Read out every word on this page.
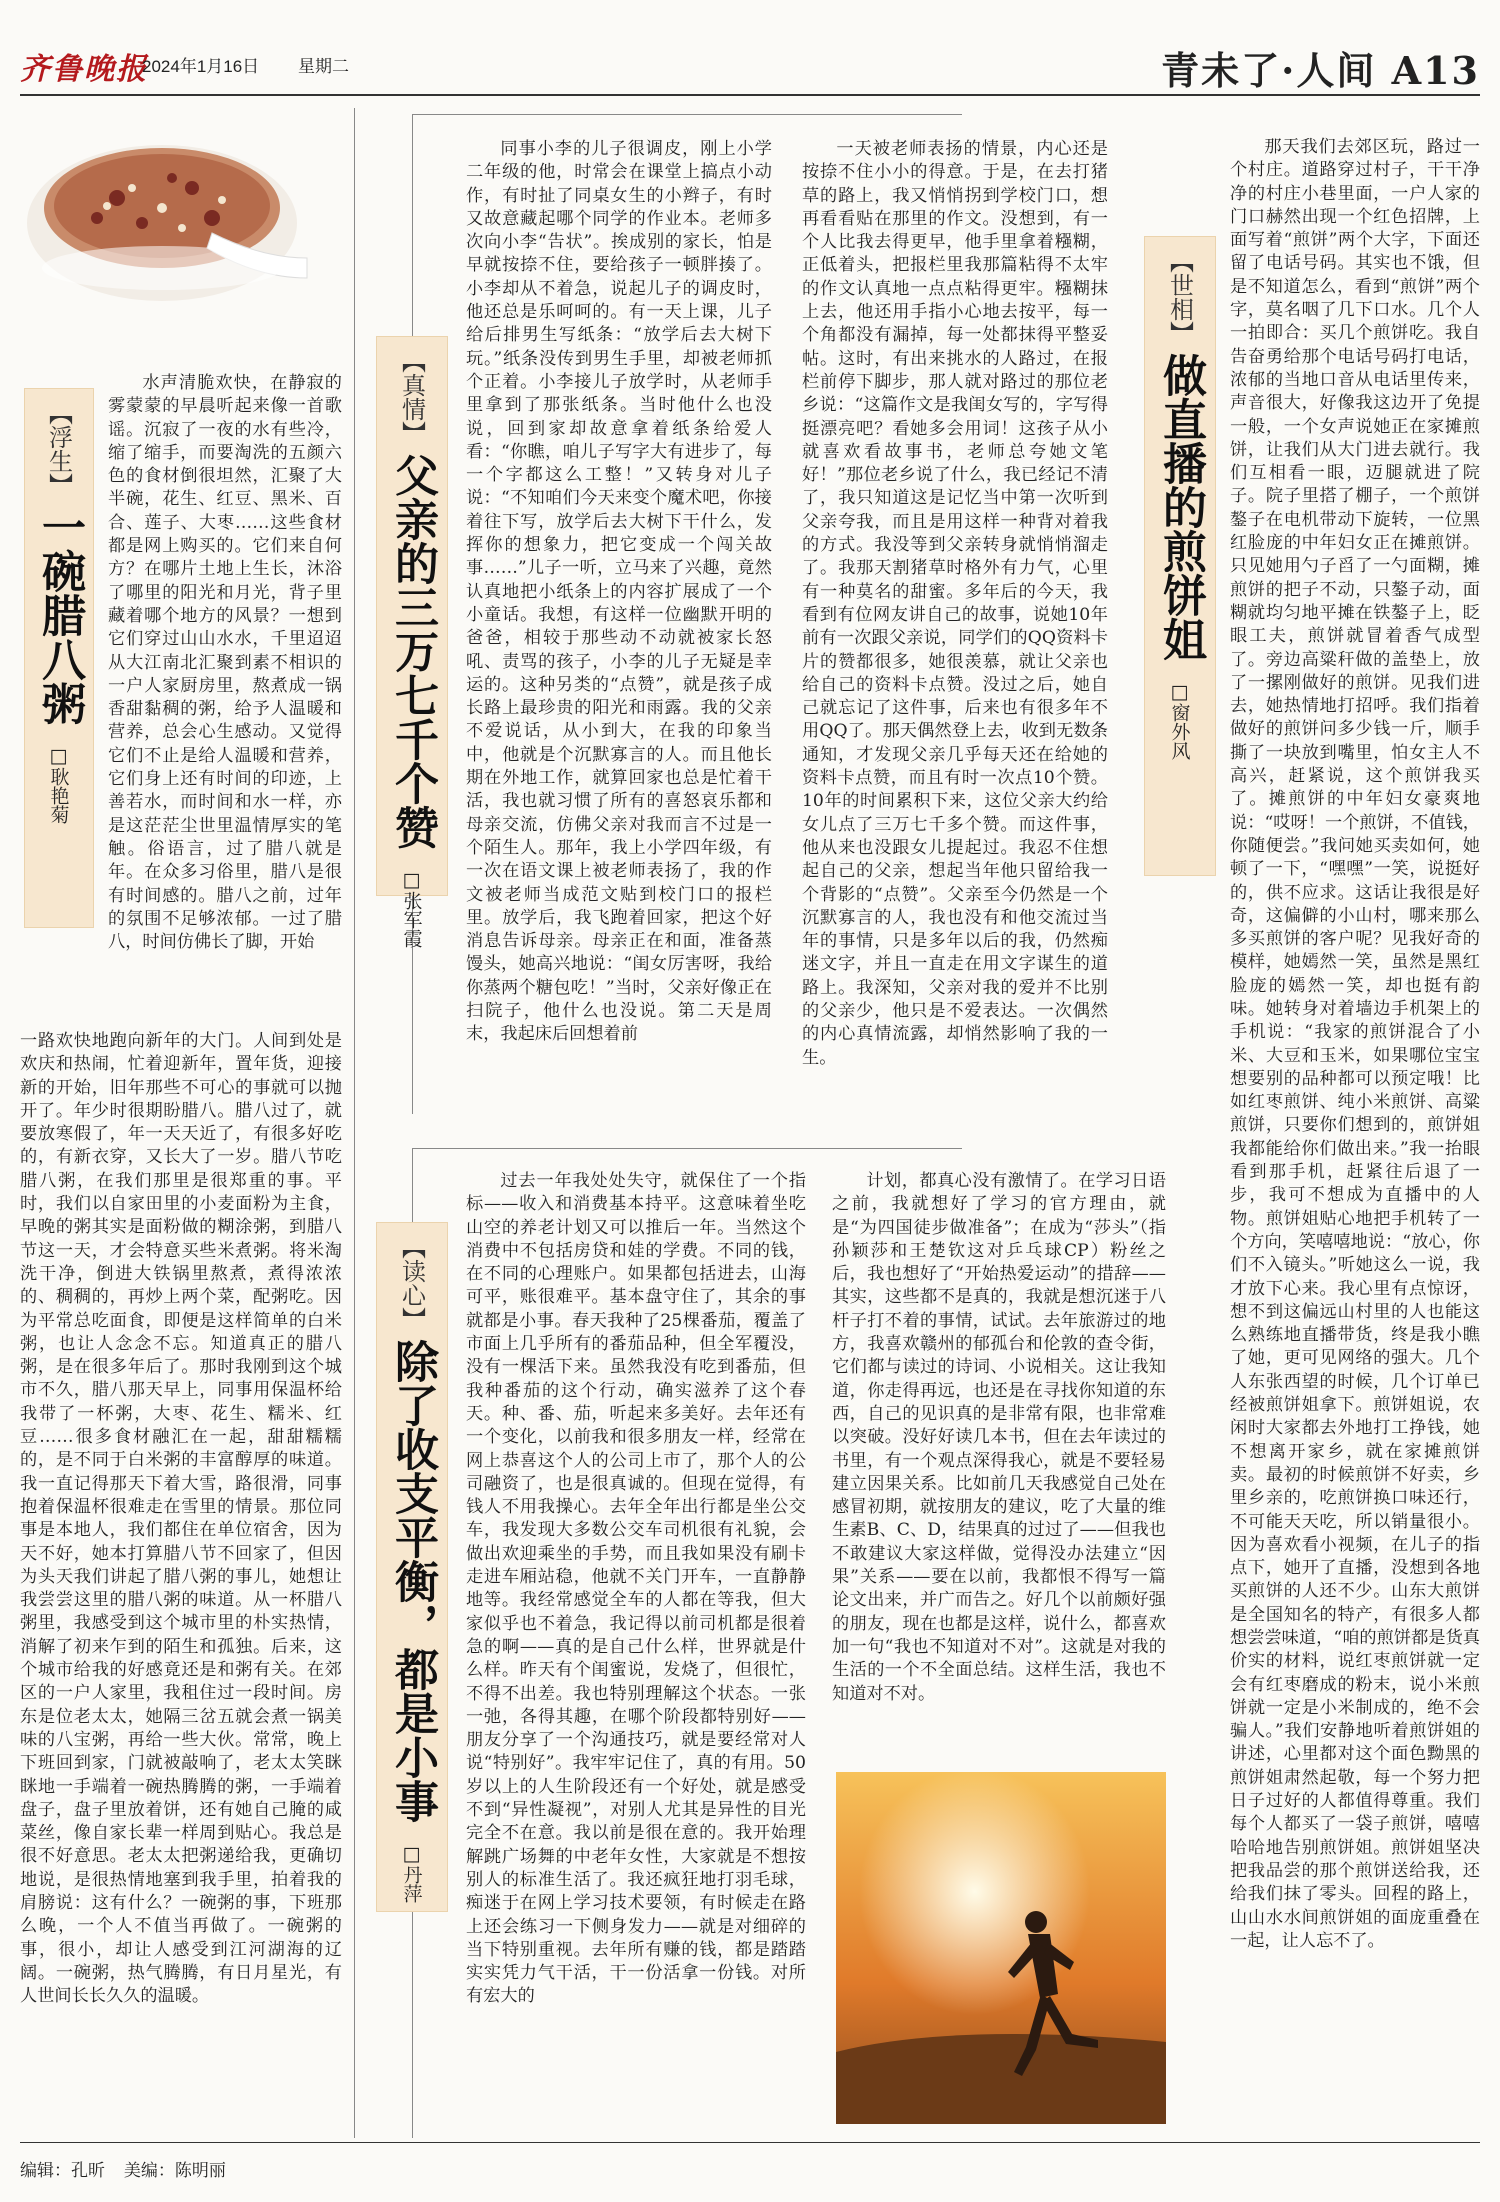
齐鲁晚报
2024年1月16日 星期二	青未了·人间 A13
【浮生】
一碗腊八粥
□耿艳菊

水声清脆欢快，在静寂的雾蒙蒙的早晨听起来像一首歌谣。沉寂了一夜的水有些冷，缩了缩手，而要淘洗的五颜六色的食材倒很坦然，汇聚了大半碗，花生、红豆、黑米、百合、莲子、大枣……这些食材都是网上购买的。它们来自何方？在哪片土地上生长，沐浴了哪里的阳光和月光，背子里藏着哪个地方的风景？一想到它们穿过山山水水，千里迢迢从大江南北汇聚到素不相识的一户人家厨房里，熬煮成一锅香甜黏稠的粥，给予人温暖和营养，总会心生感动。又觉得它们不止是给人温暖和营养，它们身上还有时间的印迹，上善若水，而时间和水一样，亦是这茫茫尘世里温情厚实的笔触。俗语言，过了腊八就是年。在众多习俗里，腊八是很有时间感的。腊八之前，过年的氛围不足够浓郁。一过了腊八，时间仿佛长了脚，开始

一路欢快地跑向新年的大门。人间到处是欢庆和热闹，忙着迎新年，置年货，迎接新的开始，旧年那些不可心的事就可以抛开了。年少时很期盼腊八。腊八过了，就要放寒假了，年一天天近了，有很多好吃的，有新衣穿，又长大了一岁。腊八节吃腊八粥，在我们那里是很郑重的事。平时，我们以自家田里的小麦面粉为主食，早晚的粥其实是面粉做的糊涂粥，到腊八节这一天，才会特意买些米煮粥。将米淘洗干净，倒进大铁锅里熬煮，煮得浓浓的、稠稠的，再炒上两个菜，配粥吃。因为平常总吃面食，即便是这样简单的白米粥，也让人念念不忘。知道真正的腊八粥，是在很多年后了。那时我刚到这个城市不久，腊八那天早上，同事用保温杯给我带了一杯粥，大枣、花生、糯米、红豆……很多食材融汇在一起，甜甜糯糯的，是不同于白米粥的丰富醇厚的味道。我一直记得那天下着大雪，路很滑，同事抱着保温杯很难走在雪里的情景。那位同事是本地人，我们都住在单位宿舍，因为天不好，她本打算腊八节不回家了，但因为头天我们讲起了腊八粥的事儿，她想让我尝尝这里的腊八粥的味道。从一杯腊八粥里，我感受到这个城市里的朴实热情，消解了初来乍到的陌生和孤独。后来，这个城市给我的好感竟还是和粥有关。在郊区的一户人家里，我租住过一段时间。房东是位老太太，她隔三岔五就会煮一锅美味的八宝粥，再给一些大伙。常常，晚上下班回到家，门就被敲响了，老太太笑眯眯地一手端着一碗热腾腾的粥，一手端着盘子，盘子里放着饼，还有她自己腌的咸菜丝，像自家长辈一样周到贴心。我总是很不好意思。老太太把粥递给我，更确切地说，是很热情地塞到我手里，拍着我的肩膀说：这有什么？一碗粥的事，下班那么晚，一个人不值当再做了。一碗粥的事，很小，却让人感受到江河湖海的辽阔。一碗粥，热气腾腾，有日月星光，有人世间长长久久的温暖。

【真情】
父亲的三万七千个赞
□张军霞

同事小李的儿子很调皮，刚上小学二年级的他，时常会在课堂上搞点小动作，有时扯了同桌女生的小辫子，有时又故意藏起哪个同学的作业本。老师多次向小李“告状”。挨成别的家长，怕是早就按捺不住，要给孩子一顿胖揍了。小李却从不着急，说起儿子的调皮时，他还总是乐呵呵的。有一天上课，儿子给后排男生写纸条：“放学后去大树下玩。”纸条没传到男生手里，却被老师抓个正着。小李接儿子放学时，从老师手里拿到了那张纸条。当时他什么也没说，回到家却故意拿着纸条给爱人看：“你瞧，咱儿子写字大有进步了，每一个字都这么工整！”又转身对儿子说：“不知咱们今天来变个魔术吧，你接着往下写，放学后去大树下干什么，发挥你的想象力，把它变成一个闯关故事……”儿子一听，立马来了兴趣，竟然认真地把小纸条上的内容扩展成了一个小童话。我想，有这样一位幽默开明的爸爸，相较于那些动不动就被家长怒吼、责骂的孩子，小李的儿子无疑是幸运的。这种另类的“点赞”，就是孩子成长路上最珍贵的阳光和雨露。我的父亲不爱说话，从小到大，在我的印象当中，他就是个沉默寡言的人。而且他长期在外地工作，就算回家也总是忙着干活，我也就习惯了所有的喜怒哀乐都和母亲交流，仿佛父亲对我而言不过是一个陌生人。那年，我上小学四年级，有一次在语文课上被老师表扬了，我的作文被老师当成范文贴到校门口的报栏里。放学后，我飞跑着回家，把这个好消息告诉母亲。母亲正在和面，准备蒸馒头，她高兴地说：“闺女厉害呀，我给你蒸两个糖包吃！”当时，父亲好像正在扫院子，他什么也没说。第二天是周末，我起床后回想着前

一天被老师表扬的情景，内心还是按捺不住小小的得意。于是，在去打猪草的路上，我又悄悄拐到学校门口，想再看看贴在那里的作文。没想到，有一个人比我去得更早，他手里拿着糨糊，正低着头，把报栏里我那篇粘得不太牢的作文认真地一点点粘得更牢。糨糊抹上去，他还用手指小心地去按平，每一个角都没有漏掉，每一处都抹得平整妥帖。这时，有出来挑水的人路过，在报栏前停下脚步，那人就对路过的那位老乡说：“这篇作文是我闺女写的，字写得挺漂亮吧？看她多会用词！这孩子从小就喜欢看故事书，老师总夸她文笔好！”那位老乡说了什么，我已经记不清了，我只知道这是记忆当中第一次听到父亲夸我，而且是用这样一种背对着我的方式。我没等到父亲转身就悄悄溜走了。我那天割猪草时格外有力气，心里有一种莫名的甜蜜。多年后的今天，我看到有位网友讲自己的故事，说她10年前有一次跟父亲说，同学们的QQ资料卡片的赞都很多，她很羡慕，就让父亲也给自己的资料卡点赞。没过之后，她自己就忘记了这件事，后来也有很多年不用QQ了。那天偶然登上去，收到无数条通知，才发现父亲几乎每天还在给她的资料卡点赞，而且有时一次点10个赞。10年的时间累积下来，这位父亲大约给女儿点了三万七千多个赞。而这件事，他从来也没跟女儿提起过。我忍不住想起自己的父亲，想起当年他只留给我一个背影的“点赞”。父亲至今仍然是一个沉默寡言的人，我也没有和他交流过当年的事情，只是多年以后的我，仍然痴迷文字，并且一直走在用文字谋生的道路上。我深知，父亲对我的爱并不比别的父亲少，他只是不爱表达。一次偶然的内心真情流露，却悄然影响了我的一生。

【读心】
除了收支平衡，都是小事
□丹萍

过去一年我处处失守，就保住了一个指标——收入和消费基本持平。这意味着坐吃山空的养老计划又可以推后一年。当然这个消费中不包括房贷和娃的学费。不同的钱，在不同的心理账户。如果都包括进去，山海可平，账很难平。基本盘守住了，其余的事就都是小事。春天我种了25棵番茄，覆盖了市面上几乎所有的番茄品种，但全军覆没，没有一棵活下来。虽然我没有吃到番茄，但我种番茄的这个行动，确实滋养了这个春天。种、番、茄，听起来多美好。去年还有一个变化，以前我和很多朋友一样，经常在网上恭喜这个人的公司上市了，那个人的公司融资了，也是很真诚的。但现在觉得，有钱人不用我操心。去年全年出行都是坐公交车，我发现大多数公交车司机很有礼貌，会做出欢迎乘坐的手势，而且我如果没有刷卡走进车厢站稳，他就不关门开车，一直静静地等。我经常感觉全车的人都在等我，但大家似乎也不着急，我记得以前司机都是很着急的啊——真的是自己什么样，世界就是什么样。昨天有个闺蜜说，发烧了，但很忙，不得不出差。我也特别理解这个状态。一张一弛，各得其趣，在哪个阶段都特别好——朋友分享了一个沟通技巧，就是要经常对人说“特别好”。我牢牢记住了，真的有用。50岁以上的人生阶段还有一个好处，就是感受不到“异性凝视”，对别人尤其是异性的目光完全不在意。我以前是很在意的。我开始理解跳广场舞的中老年女性，大家就是不想按别人的标准生活了。我还疯狂地打羽毛球，痴迷于在网上学习技术要领，有时候走在路上还会练习一下侧身发力——就是对细碎的当下特别重视。去年所有赚的钱，都是踏踏实实凭力气干活，干一份活拿一份钱。对所有宏大的

计划，都真心没有激情了。在学习日语之前，我就想好了学习的官方理由，就是“为四国徒步做准备”；在成为“莎头”（指孙颖莎和王楚钦这对乒乓球CP）粉丝之后，我也想好了“开始热爱运动”的措辞——其实，这些都不是真的，我就是想沉迷于八杆子打不着的事情，试试。去年旅游过的地方，我喜欢赣州的郁孤台和伦敦的查令街，它们都与读过的诗词、小说相关。这让我知道，你走得再远，也还是在寻找你知道的东西，自己的见识真的是非常有限，也非常难以突破。没好好读几本书，但在去年读过的书里，有一个观点深得我心，就是不要轻易建立因果关系。比如前几天我感觉自己处在感冒初期，就按朋友的建议，吃了大量的维生素B、C、D，结果真的过过了——但我也不敢建议大家这样做，觉得没办法建立“因果”关系——要在以前，我都恨不得写一篇论文出来，并广而告之。好几个以前颇好强的朋友，现在也都是这样，说什么，都喜欢加一句“我也不知道对不对”。这就是对我的生活的一个不全面总结。这样生活，我也不知道对不对。

【世相】
做直播的煎饼姐
□窗外风

那天我们去郊区玩，路过一个村庄。道路穿过村子，干干净净的村庄小巷里面，一户人家的门口赫然出现一个红色招牌，上面写着“煎饼”两个大字，下面还留了电话号码。其实也不饿，但是不知道怎么，看到“煎饼”两个字，莫名咽了几下口水。几个人一拍即合：买几个煎饼吃。我自告奋勇给那个电话号码打电话，浓郁的当地口音从电话里传来，声音很大，好像我这边开了免提一般，一个女声说她正在家摊煎饼，让我们从大门进去就行。我们互相看一眼，迈腿就进了院子。院子里搭了棚子，一个煎饼鏊子在电机带动下旋转，一位黑红脸庞的中年妇女正在摊煎饼。只见她用勺子舀了一勺面糊，摊煎饼的把子不动，只鏊子动，面糊就均匀地平摊在铁鏊子上，眨眼工夫，煎饼就冒着香气成型了。旁边高粱秆做的盖垫上，放了一摞刚做好的煎饼。见我们进去，她热情地打招呼。我们指着做好的煎饼问多少钱一斤，顺手撕了一块放到嘴里，怕女主人不高兴，赶紧说，这个煎饼我买了。摊煎饼的中年妇女豪爽地说：“哎呀！一个煎饼，不值钱，你随便尝。”我问她买卖如何，她顿了一下，“嘿嘿”一笑，说挺好的，供不应求。这话让我很是好奇，这偏僻的小山村，哪来那么多买煎饼的客户呢？见我好奇的模样，她嫣然一笑，虽然是黑红脸庞的嫣然一笑，却也挺有韵味。她转身对着墙边手机架上的手机说：“我家的煎饼混合了小米、大豆和玉米，如果哪位宝宝想要别的品种都可以预定哦！比如红枣煎饼、纯小米煎饼、高粱煎饼，只要你们想到的，煎饼姐我都能给你们做出来。”我一抬眼看到那手机，赶紧往后退了一步，我可不想成为直播中的人物。煎饼姐贴心地把手机转了一个方向，笑嘻嘻地说：“放心，你们不入镜头。”听她这么一说，我才放下心来。我心里有点惊讶，想不到这偏远山村里的人也能这么熟练地直播带货，终是我小瞧了她，更可见网络的强大。几个人东张西望的时候，几个订单已经被煎饼姐拿下。煎饼姐说，农闲时大家都去外地打工挣钱，她不想离开家乡，就在家摊煎饼卖。最初的时候煎饼不好卖，乡里乡亲的，吃煎饼换口味还行，不可能天天吃，所以销量很小。因为喜欢看小视频，在儿子的指点下，她开了直播，没想到各地买煎饼的人还不少。山东大煎饼是全国知名的特产，有很多人都想尝尝味道，“咱的煎饼都是货真价实的材料，说红枣煎饼就一定会有红枣磨成的粉末，说小米煎饼就一定是小米制成的，绝不会骗人。”我们安静地听着煎饼姐的讲述，心里都对这个面色黝黑的煎饼姐肃然起敬，每一个努力把日子过好的人都值得尊重。我们每个人都买了一袋子煎饼，嘻嘻哈哈地告别煎饼姐。煎饼姐坚决把我品尝的那个煎饼送给我，还给我们抹了零头。回程的路上，山山水水间煎饼姐的面庞重叠在一起，让人忘不了。

编辑：孔昕 美编：陈明丽
